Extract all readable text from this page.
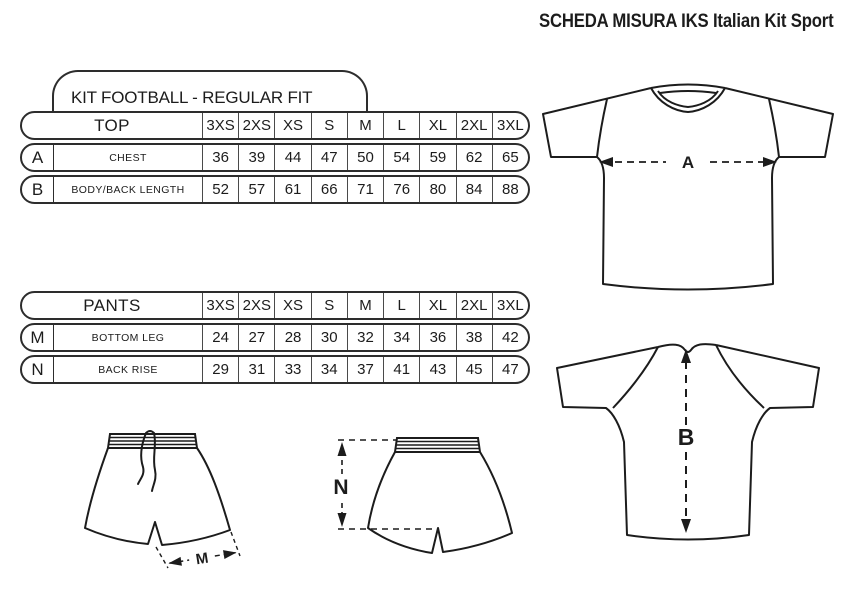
SCHEDA MISURA IKS Italian Kit Sport
KIT FOOTBALL - REGULAR FIT
TOP	3XS 2XS XS	S	M	L	XL 2XL 3XL
A	CHEST	36	39	44	47	50	54	59	62	65
B	BODY/BACK LENGTH	52	57	61	66	71	76	80	84	88
PANTS	3XS 2XS XS	S	M	L	XL 2XL 3XL
M	BOTTOM LEG	24	27	28	30	32	34	36	38	42
N	BACK RISE	29	31	33	34	37	41	43	45	47
A
B
M
N
